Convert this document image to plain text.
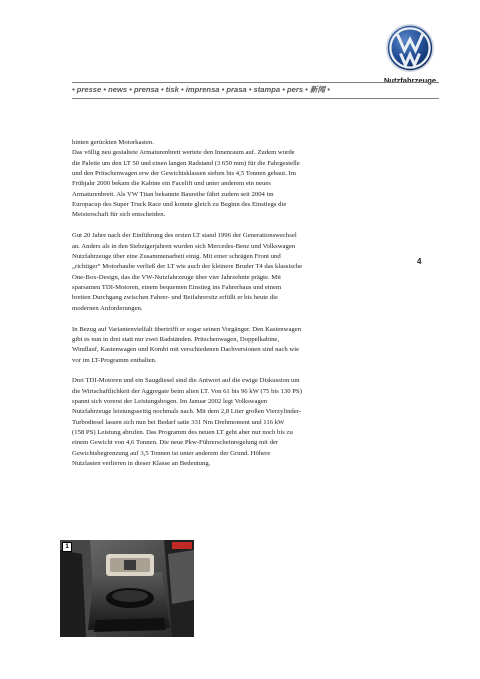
Nutzfahrzeuge
• presse • news • prensa • tisk • imprensa • prasa • stampa • pers • 新闻 •
4

hinten gerückten Motorkasten.
Das völlig neu gestaltete Armaturenbrett wertete den Innenraum auf. Zudem wurde
die Palette um den LT 50 und einen langen Radstand (3 650 mm) für die Fahrgestelle
und den Pritschenwagen erw der Gewichtsklassen sieben bis 4,5 Tonnen gebaut. Im
Frühjahr 2000 bekam die Kabine ein Facelift und unter anderem ein neues
Armaturenbrett. Als VW Titan bekannte Baureihe fährt zudem seit 2004 im
Europacup des Super Truck Race und konnte gleich zu Beginn des Einstiegs die
Meisterschaft für sich entscheiden.

Gut 20 Jahre nach der Einführung des ersten LT stand 1996 der Generationswechsel
an. Anders als in den Siebzigerjahren wurden sich Mercedes-Benz und Volkswagen
Nutzfahrzeuge über eine Zusammenarbeit einig. Mit einer schrägen Front und
„richtiger“ Motorhaube verließ der LT wie auch der kleinere Bruder T4 das klassische
One-Box-Design, das die VW-Nutzfahrzeuge über vier Jahrzehnte prägte. Mit
sparsamen TDI-Motoren, einem bequemen Einstieg ins Fahrerhaus und einem
breiten Durchgang zwischen Fahrer- und Beifahrersitz erfüllt er bis heute die
modernen Anforderungen.

In Bezug auf Variantenvielfalt übertrifft er sogar seinen Vorgänger. Den Kastenwagen
gibt es nun in drei statt nur zwei Radständen. Pritschenwagen, Doppelkabine,
Windlauf, Kastenwagen und Kombi mit verschiedenen Dachversionen sind nach wie
vor im LT-Programm enthalten.

Drei TDI-Motoren und ein Saugdiesel sind die Antwort auf die ewige Diskussion um
die Wirtschaftlichkeit der Aggregate beim alten LT. Von 61 bis 96 kW (75 bis 130 PS)
spannt sich vorerst der Leistungsbogen. Im Januar 2002 legt Volkswagen
Nutzfahrzeuge leistungsseitig nochmals nach. Mit dem 2,8 Liter großen Vierzylinder-
Turbodiesel lassen sich nun bei Bedarf satte 331 Nm Drehmoment und 116 kW
(158 PS) Leistung abrufen. Das Programm des neuen LT geht aber nur noch bis zu
einem Gewicht von 4,6 Tonnen. Die neue Pkw-Führerscheinregelung mit der
Gewichtsbegrenzung auf 3,5 Tonnen ist unter anderem der Grund. Höhere
Nutzlasten verlieren in dieser Klasse an Bedeutung.

1
